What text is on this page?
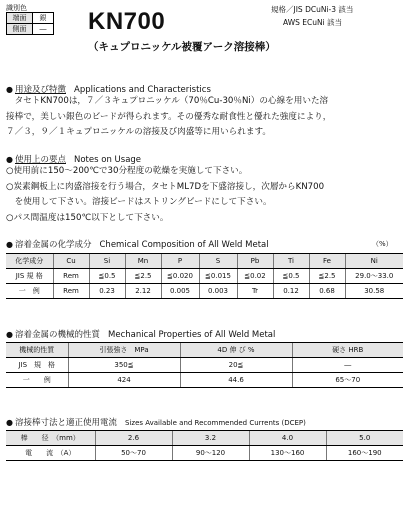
識別色
端面	銀
側面	― KN700
（キュプロニッケル被覆アーク溶接棒）
規格／JIS DCuNi-3 該当
AWS ECuNi 該当
● 用途及び特徴 Applications and Characteristics
　タセトKN700は，７／３キュプロニッケル（70％Cu-30％Ni）の心線を用いた溶
接棒で，美しい銀色のビードが得られます。その優秀な耐食性と優れた強度により，
７／３，９／１キュプロニッケルの溶接及び肉盛等に用いられます。
● 使用上の要点 Notes on Usage
○使用前に150～200℃で30分程度の乾燥を実施して下さい。
○炭素鋼板上に肉盛溶接を行う場合，タセトML7Dを下盛溶接し，次層からKN700
　を使用して下さい。溶接ビードはストリングビードにして下さい。
○パス間温度は150℃以下として下さい。
● 溶着金属の化学成分 Chemical Composition of All Weld Metal	（%）
化学成分	Cu	Si	Mn	P	S	Pb	Ti	Fe	Ni
JIS 規 格	Rem	≦0.5	≦2.5	≦0.020	≦0.015	≦0.02	≦0.5	≦2.5	29.0～33.0
一　例	Rem	0.23	2.12	0.005	0.003	Tr	0.12	0.68	30.58
● 溶着金属の機械的性質 Mechanical Properties of All Weld Metal
機械的性質	引張強さ　MPa	4D 伸 び %	硬さ HRB
JIS　規　格	350≦	20≦	―
一　　例	424	44.6	65～70
● 溶接棒寸法と適正使用電流 Sizes Available and Recommended Currents (DCEP)
棒　　径　（mm）	2.6	3.2	4.0	5.0
電　　流　（A）	50～70	90～120	130～160	160～190
